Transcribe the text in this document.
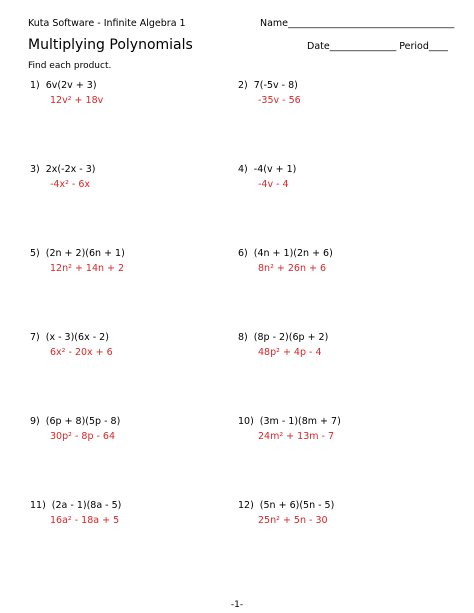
Kuta Software - Infinite Algebra 1	Name___________________________________
Multiplying Polynomials	Date______________ Period____
Find each product.
1) 6v(2v + 3)
12v² + 18v
2) 7(-5v - 8)
-35v - 56
3) 2x(-2x - 3)
-4x² - 6x
4) -4(v + 1)
-4v - 4
5) (2n + 2)(6n + 1)
12n² + 14n + 2
6) (4n + 1)(2n + 6)
8n² + 26n + 6
7) (x - 3)(6x - 2)
6x² - 20x + 6
8) (8p - 2)(6p + 2)
48p² + 4p - 4
9) (6p + 8)(5p - 8)
30p² - 8p - 64
10) (3m - 1)(8m + 7)
24m² + 13m - 7
11) (2a - 1)(8a - 5)
16a² - 18a + 5
12) (5n + 6)(5n - 5)
25n² + 5n - 30
-1-
